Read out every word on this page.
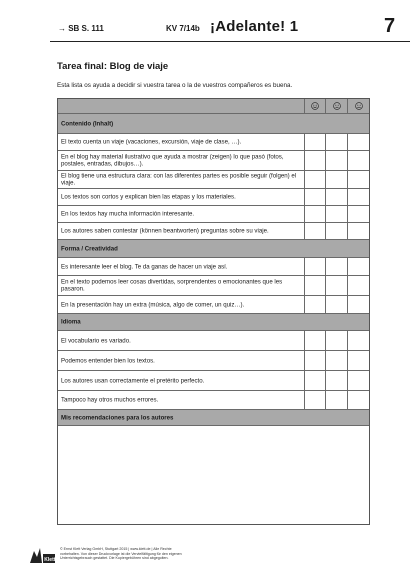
→ SB S. 111	KV 7/14b ¡Adelante! 1	7
Tarea final: Blog de viaje
Esta lista os ayuda a decidir si vuestra tarea o la de vuestros compañeros es buena.
Contenido (Inhalt)
El texto cuenta un viaje (vacaciones, excursión, viaje de clase, …).
En el blog hay material ilustrativo que ayuda a mostrar (zeigen) lo que pasó (fotos, postales, entradas, dibujos…).
El blog tiene una estructura clara: con las diferentes partes es posible seguir (folgen) el viaje.
Los textos son cortos y explican bien las etapas y los materiales.
En los textos hay mucha información interesante.
Los autores saben contestar (können beantworten) preguntas sobre su viaje.
Forma / Creatividad
Es interesante leer el blog. Te da ganas de hacer un viaje así.
En el texto podemos leer cosas divertidas, sorprendentes o emocionantes que les pasaron.
En la presentación hay un extra (música, algo de comer, un quiz…).
Idioma
El vocabulario es variado.
Podemos entender bien los textos.
Los autores usan correctamente el pretérito perfecto.
Tampoco hay otros muchos errores.
Mis recomendaciones para los autores
Klett
© Ernst Klett Verlag GmbH, Stuttgart 2015 | www.klett.de | Alle Rechte
vorbehalten. Von dieser Druckvorlage ist die Vervielfältigung für den eigenen
Unterrichtsgebrauch gestattet. Die Kopiergebühren sind abgegolten.
